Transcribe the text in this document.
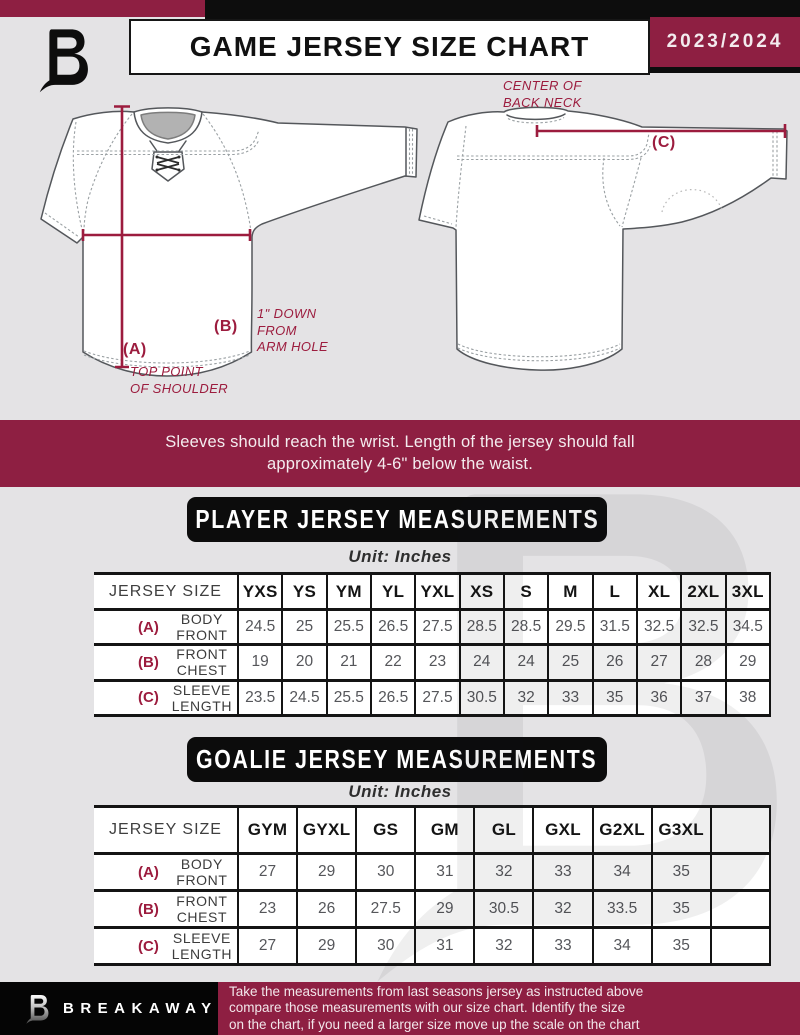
GAME JERSEY SIZE CHART	2023/2024
(A)
TOP POINT
OF SHOULDER
(B)
1" DOWN
FROM
ARM HOLE
CENTER OF
BACK NECK
(C)
Sleeves should reach the wrist. Length of the jersey should fall
approximately 4-6" below the waist.
PLAYER JERSEY MEASUREMENTS
Unit: Inches
JERSEY SIZE	YXS	YS	YM	YL	YXL	XS	S	M	L	XL	2XL	3XL

(A) BODY FRONT	24.5	25	25.5	26.5	27.5	28.5	28.5	29.5	31.5	32.5	32.5	34.5

(B) FRONT CHEST	19	20	21	22	23	24	24	25	26	27	28	29

(C) SLEEVE LENGTH	23.5	24.5	25.5	26.5	27.5	30.5	32	33	35	36	37	38
GOALIE JERSEY MEASUREMENTS
Unit: Inches
JERSEY SIZE	GYM	GYXL	GS	GM	GL	GXL	G2XL	G3XL	

(A) BODY FRONT	27	29	30	31	32	33	34	35	

(B) FRONT CHEST	23	26	27.5	29	30.5	32	33.5	35	

(C) SLEEVE LENGTH	27	29	30	31	32	33	34	35	
BREAKAWAY
Take the measurements from last seasons jersey as instructed above
compare those measurements with our size chart. Identify the size
on the chart, if you need a larger size move up the scale on the chart
